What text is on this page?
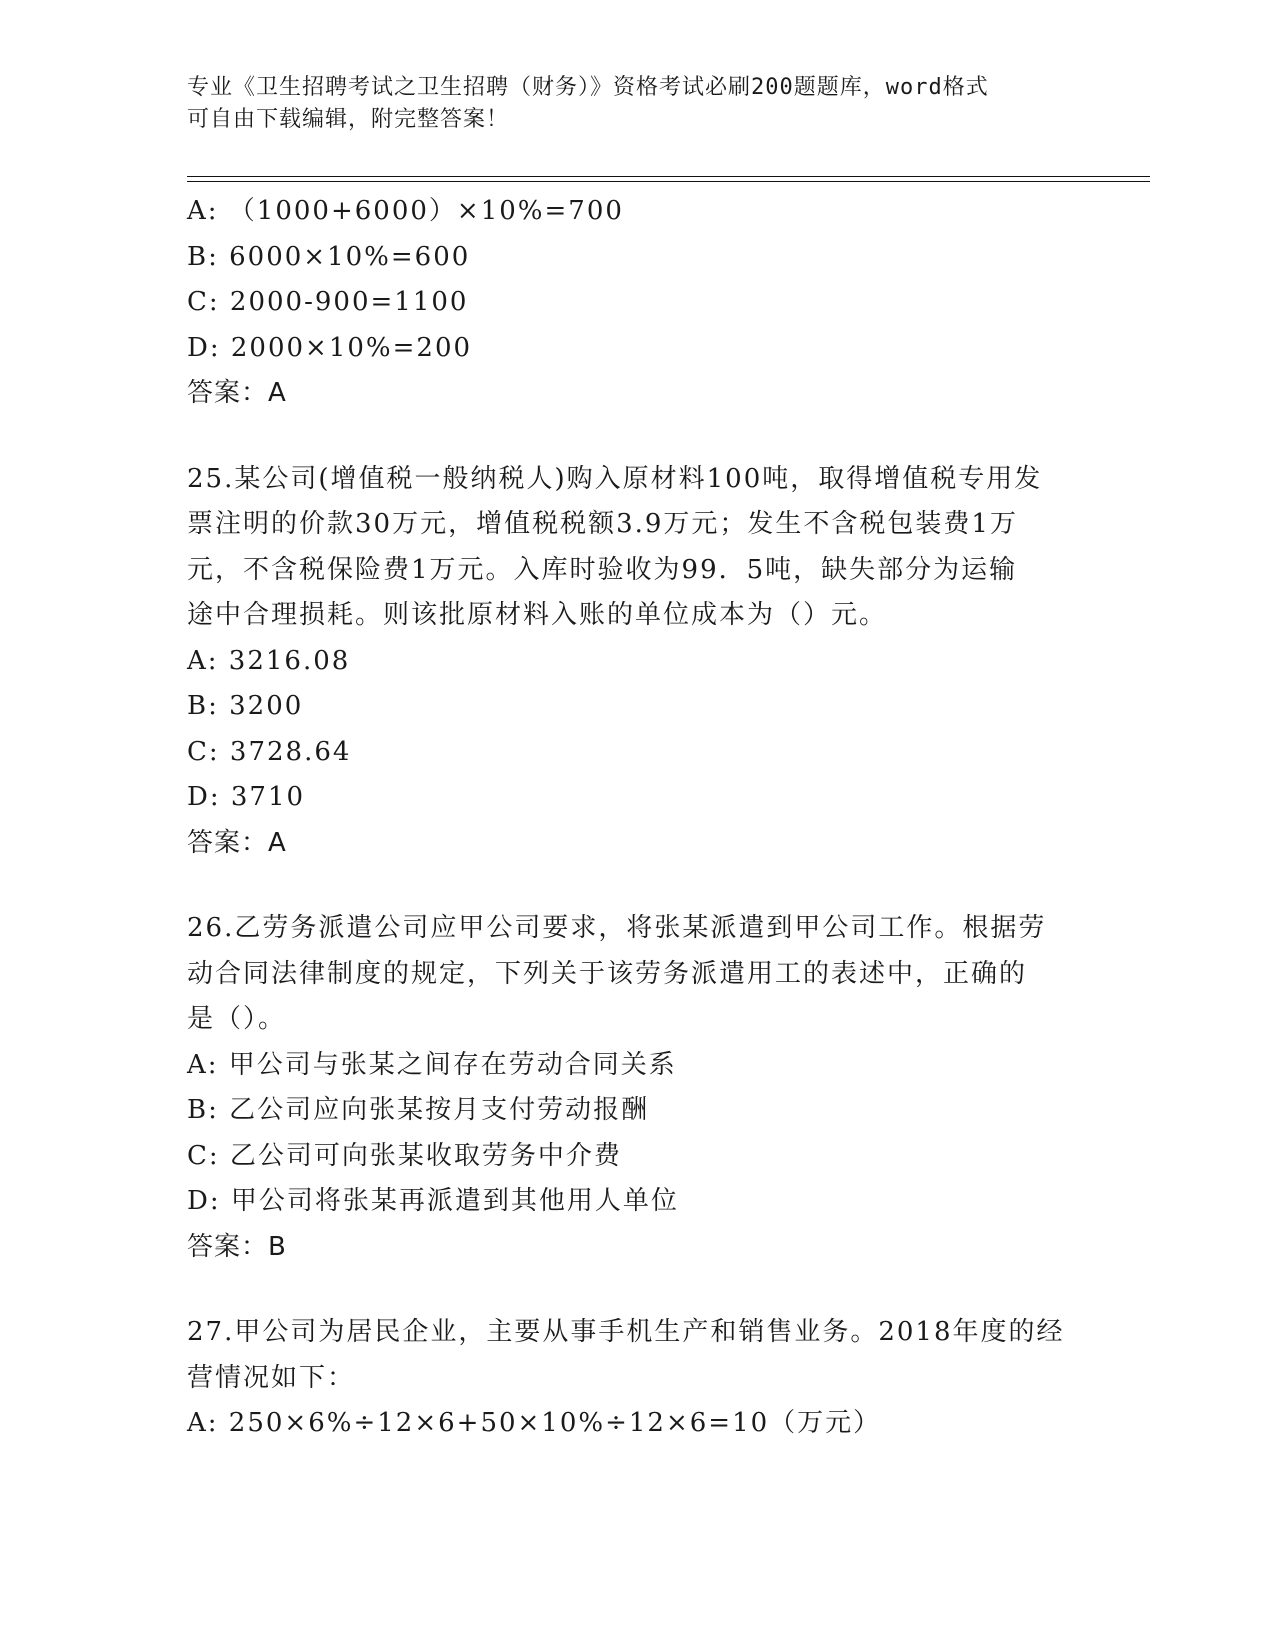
专业《卫生招聘考试之卫生招聘（财务）》资格考试必刷200题题库，word格式
可自由下载编辑，附完整答案！
A: （1000+6000）×10%=700
B: 6000×10%=600
C: 2000-900=1100
D: 2000×10%=200
答案：A
25.某公司(增值税一般纳税人)购入原材料100吨，取得增值税专用发
票注明的价款30万元，增值税税额3.9万元；发生不含税包装费1万
元，不含税保险费1万元。入库时验收为99．5吨，缺失部分为运输
途中合理损耗。则该批原材料入账的单位成本为（）元。
A: 3216.08
B: 3200
C: 3728.64
D: 3710
答案：A
26.乙劳务派遣公司应甲公司要求，将张某派遣到甲公司工作。根据劳
动合同法律制度的规定，下列关于该劳务派遣用工的表述中，正确的
是（）。
A: 甲公司与张某之间存在劳动合同关系
B: 乙公司应向张某按月支付劳动报酬
C: 乙公司可向张某收取劳务中介费
D: 甲公司将张某再派遣到其他用人单位
答案：B
27.甲公司为居民企业，主要从事手机生产和销售业务。2018年度的经
营情况如下：
A: 250×6%÷12×6+50×10%÷12×6=10（万元）
